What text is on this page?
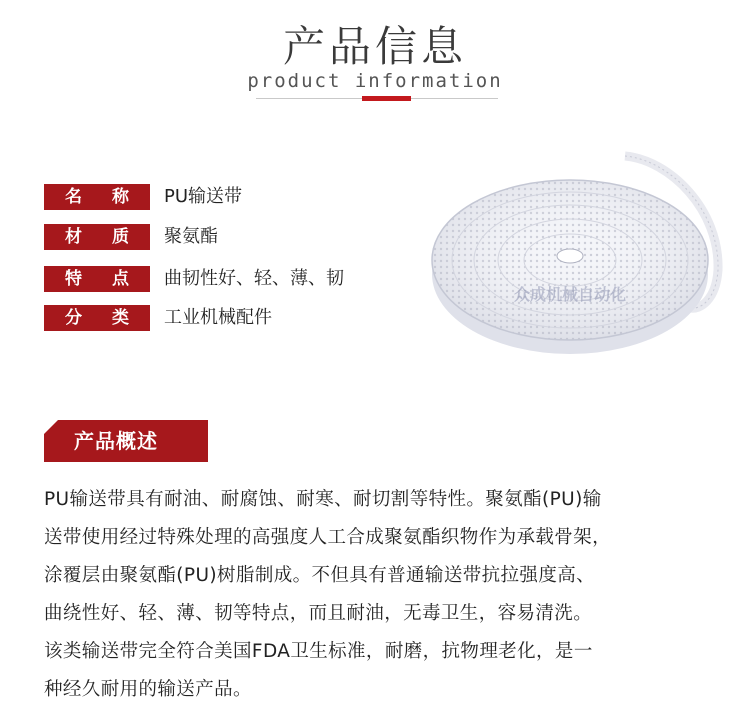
产品信息
product information
名 称 PU输送带
材 质 聚氨酯
特 点 曲韧性好、轻、薄、韧
分 类 工业机械配件
众成机械自动化
产品概述
PU输送带具有耐油、耐腐蚀、耐寒、耐切割等特性。聚氨酯(PU)输
送带使用经过特殊处理的高强度人工合成聚氨酯织物作为承载骨架，
涂覆层由聚氨酯(PU)树脂制成。不但具有普通输送带抗拉强度高、
曲绕性好、轻、薄、韧等特点，而且耐油，无毒卫生，容易清洗。
该类输送带完全符合美国FDA卫生标准，耐磨，抗物理老化，是一
种经久耐用的输送产品。
